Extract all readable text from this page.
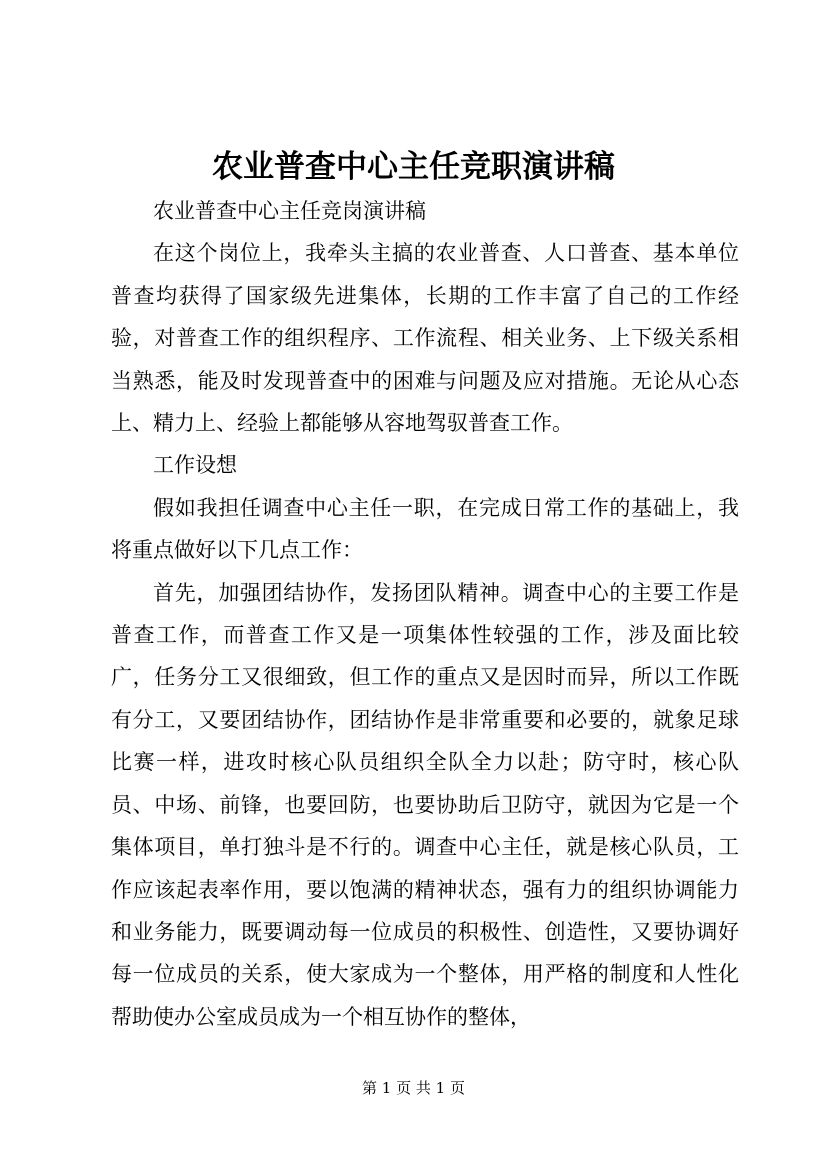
农业普查中心主任竞职演讲稿

农业普查中心主任竞岗演讲稿

在这个岗位上，我牵头主搞的农业普查、人口普查、基本单位普查均获得了国家级先进集体，长期的工作丰富了自己的工作经验，对普查工作的组织程序、工作流程、相关业务、上下级关系相当熟悉，能及时发现普查中的困难与问题及应对措施。无论从心态上、精力上、经验上都能够从容地驾驭普查工作。

工作设想

假如我担任调查中心主任一职，在完成日常工作的基础上，我将重点做好以下几点工作：

首先，加强团结协作，发扬团队精神。调查中心的主要工作是普查工作，而普查工作又是一项集体性较强的工作，涉及面比较广，任务分工又很细致，但工作的重点又是因时而异，所以工作既有分工，又要团结协作，团结协作是非常重要和必要的，就象足球比赛一样，进攻时核心队员组织全队全力以赴；防守时，核心队员、中场、前锋，也要回防，也要协助后卫防守，就因为它是一个集体项目，单打独斗是不行的。调查中心主任，就是核心队员，工作应该起表率作用，要以饱满的精神状态，强有力的组织协调能力和业务能力，既要调动每一位成员的积极性、创造性，又要协调好每一位成员的关系，使大家成为一个整体，用严格的制度和人性化帮助使办公室成员成为一个相互协作的整体，

第 1 页 共 1 页
